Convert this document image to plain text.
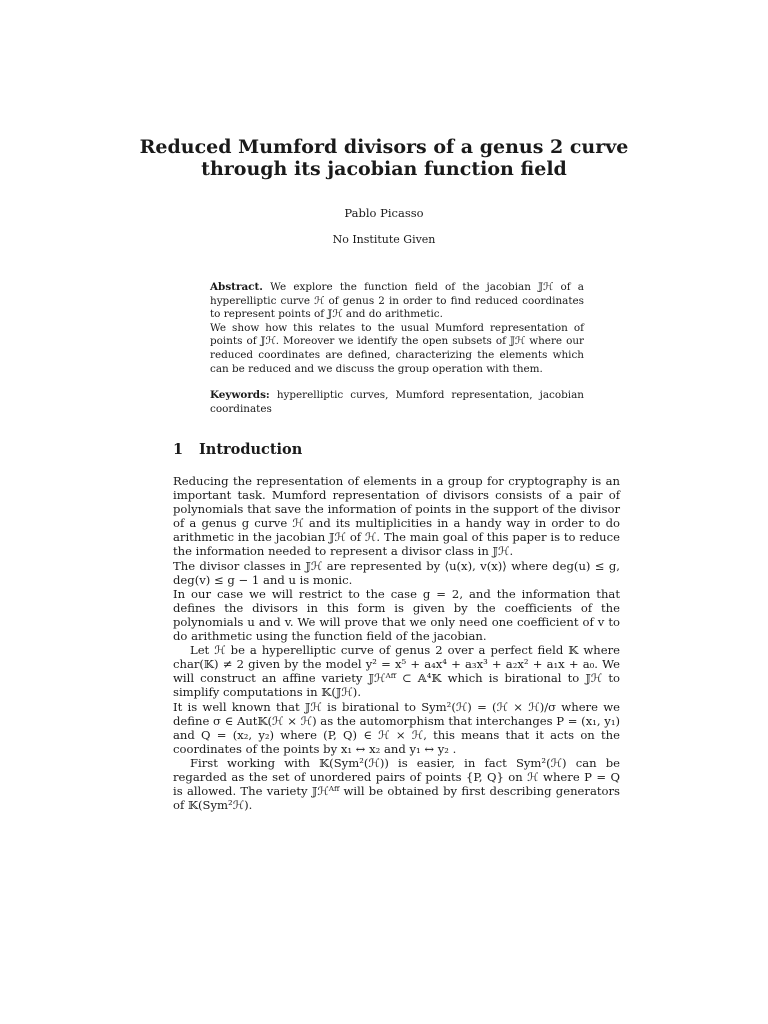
Reduced Mumford divisors of a genus 2 curve through its jacobian function field
Pablo Picasso
No Institute Given
Abstract. We explore the function field of the jacobian 𝕁ℋ of a hyperelliptic curve ℋ of genus 2 in order to find reduced coordinates to represent points of 𝕁ℋ and do arithmetic.
We show how this relates to the usual Mumford representation of points of 𝕁ℋ. Moreover we identify the open subsets of 𝕁ℋ where our reduced coordinates are defined, characterizing the elements which can be reduced and we discuss the group operation with them.
Keywords: hyperelliptic curves, Mumford representation, jacobian coordinates
1 Introduction

Reducing the representation of elements in a group for cryptography is an important task. Mumford representation of divisors consists of a pair of polynomials that save the information of points in the support of the divisor of a genus g curve ℋ and its multiplicities in a handy way in order to do arithmetic in the jacobian 𝕁ℋ of ℋ. The main goal of this paper is to reduce the information needed to represent a divisor class in 𝕁ℋ.

The divisor classes in 𝕁ℋ are represented by ⟨u(x), v(x)⟩ where deg(u) ≤ g, deg(v) ≤ g − 1 and u is monic.

In our case we will restrict to the case g = 2, and the information that defines the divisors in this form is given by the coefficients of the polynomials u and v. We will prove that we only need one coefficient of v to do arithmetic using the function field of the jacobian.

Let ℋ be a hyperelliptic curve of genus 2 over a perfect field 𝕂 where char(𝕂) ≠ 2 given by the model y² = x⁵ + a₄x⁴ + a₃x³ + a₂x² + a₁x + a₀. We will construct an affine variety 𝕁ℋᴬᶠᶠ ⊂ 𝔸⁴𝕂 which is birational to 𝕁ℋ to simplify computations in 𝕂(𝕁ℋ).

It is well known that 𝕁ℋ is birational to Sym²(ℋ) = (ℋ × ℋ)/σ where we define σ ∈ Aut𝕂(ℋ × ℋ) as the automorphism that interchanges P = (x₁, y₁) and Q = (x₂, y₂) where (P, Q) ∈ ℋ × ℋ, this means that it acts on the coordinates of the points by x₁ ↔ x₂ and y₁ ↔ y₂ .

First working with 𝕂(Sym²(ℋ)) is easier, in fact Sym²(ℋ) can be regarded as the set of unordered pairs of points {P, Q} on ℋ where P = Q is allowed. The variety 𝕁ℋᴬᶠᶠ will be obtained by first describing generators of 𝕂(Sym²ℋ).
